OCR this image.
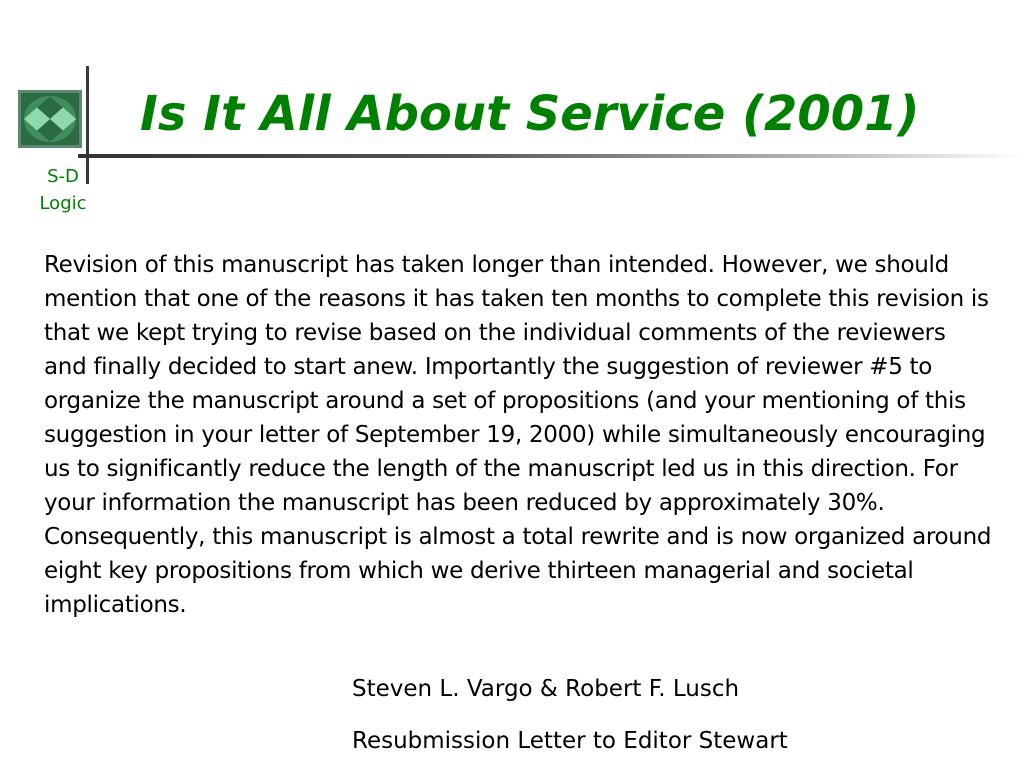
S-D
Logic
Is It All About Service (2001)

Revision of this manuscript has taken longer than intended. However, we should mention that one of the reasons it has taken ten months to complete this revision is that we kept trying to revise based on the individual comments of the reviewers and finally decided to start anew. Importantly the suggestion of reviewer #5 to organize the manuscript around a set of propositions (and your mentioning of this suggestion in your letter of September 19, 2000) while simultaneously encouraging us to significantly reduce the length of the manuscript led us in this direction. For your information the manuscript has been reduced by approximately 30%. Consequently, this manuscript is almost a total rewrite and is now organized around eight key propositions from which we derive thirteen managerial and societal implications.

Steven L. Vargo & Robert F. Lusch
Resubmission Letter to Editor Stewart
